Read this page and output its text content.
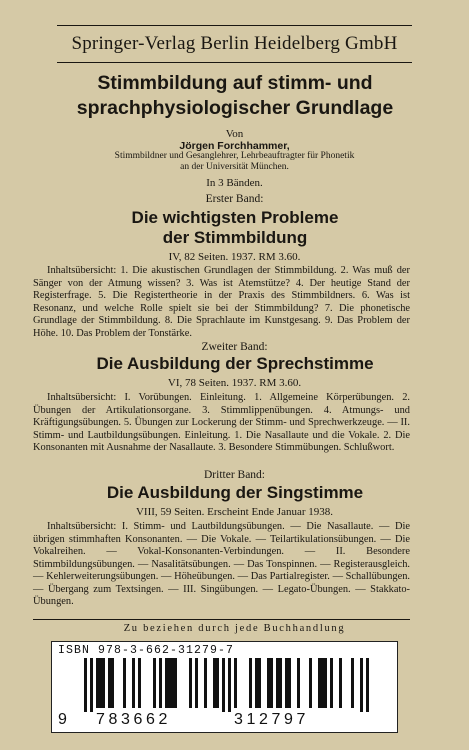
Springer-Verlag Berlin Heidelberg GmbH
Stimmbildung auf stimm- und
sprachphysiologischer Grundlage
Von
Jörgen Forchhammer,
Stimmbildner und Gesanglehrer, Lehrbeauftragter für Phonetik
an der Universität München.
In 3 Bänden.
Erster Band:
Die wichtigsten Probleme
der Stimmbildung
IV, 82 Seiten. 1937. RM 3.60.

Inhaltsübersicht: 1. Die akustischen Grundlagen der Stimmbildung. 2. Was muß der Sänger von der Atmung wissen? 3. Was ist Atemstütze? 4. Der heutige Stand der Registerfrage. 5. Die Registertheorie in der Praxis des Stimmbildners. 6. Was ist Resonanz, und welche Rolle spielt sie bei der Stimmbildung? 7. Die phonetische Grundlage der Stimmbildung. 8. Die Sprachlaute im Kunstgesang. 9. Das Problem der Höhe. 10. Das Problem der Tonstärke.

Zweiter Band:
Die Ausbildung der Sprechstimme
VI, 78 Seiten. 1937. RM 3.60.

Inhaltsübersicht: I. Vorübungen. Einleitung. 1. Allgemeine Körperübungen. 2. Übungen der Artikulationsorgane. 3. Stimmlippenübungen. 4. Atmungs- und Kräftigungsübungen. 5. Übungen zur Lockerung der Stimm- und Sprechwerkzeuge. — II. Stimm- und Lautbildungsübungen. Einleitung. 1. Die Nasallaute und die Vokale. 2. Die Konsonanten mit Ausnahme der Nasallaute. 3. Besondere Stimmübungen. Schlußwort.

Dritter Band:
Die Ausbildung der Singstimme
VIII, 59 Seiten. Erscheint Ende Januar 1938.

Inhaltsübersicht: I. Stimm- und Lautbildungsübungen. — Die Nasallaute. — Die übrigen stimmhaften Konsonanten. — Die Vokale. — Teilartikulationsübungen. — Die Vokalreihen. — Vokal-Konsonanten-Verbindungen. — II. Besondere Stimmbildungsübungen. — Nasalitätsübungen. — Das Tonspinnen. — Registerausgleich. — Kehlerweiterungsübungen. — Höheübungen. — Das Partialregister. — Schallübungen. — Übergang zum Textsingen. — III. Singübungen. — Legato-Übungen. — Stakkato-Übungen.

Zu beziehen durch jede Buchhandlung
ISBN 978-3-662-31279-7
9 783662	312797
